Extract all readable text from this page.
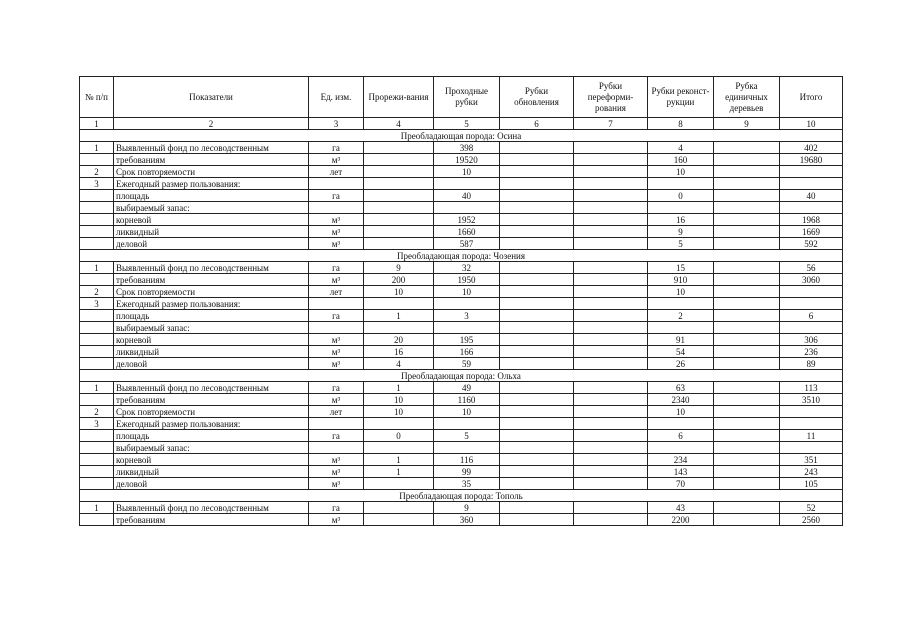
№ п/п	Показатели	Ед. изм.	Прорежи-вания	Проходные рубки	Рубки обновления	Рубки переформи-рования	Рубки реконст-рукции	Рубка единичных деревьев	Итого
1	2	3	4	5	6	7	8	9	10
Преобладающая порода: Осина									
1	Выявленный фонд по лесоводственным	га		398			4		402
	требованиям	м³		19520			160		19680
2	Срок повторяемости	лет		10			10		
3	Ежегодный размер пользования:								
	площадь	га		40			0		40
	выбираемый запас:								
	корневой	м³		1952			16		1968
	ликвидный	м³		1660			9		1669
	деловой	м³		587			5		592
Преобладающая порода: Чозения									
1	Выявленный фонд по лесоводственным	га	9	32			15		56
	требованиям	м³	200	1950			910		3060
2	Срок повторяемости	лет	10	10			10		
3	Ежегодный размер пользования:								
	площадь	га	1	3			2		6
	выбираемый запас:								
	корневой	м³	20	195			91		306
	ликвидный	м³	16	166			54		236
	деловой	м³	4	59			26		89
Преобладающая порода: Ольха									
1	Выявленный фонд по лесоводственным	га	1	49			63		113
	требованиям	м³	10	1160			2340		3510
2	Срок повторяемости	лет	10	10			10		
3	Ежегодный размер пользования:								
	площадь	га	0	5			6		11
	выбираемый запас:								
	корневой	м³	1	116			234		351
	ликвидный	м³	1	99			143		243
	деловой	м³		35			70		105
Преобладающая порода: Тополь									
1	Выявленный фонд по лесоводственным	га		9			43		52
	требованиям	м³		360			2200		2560
